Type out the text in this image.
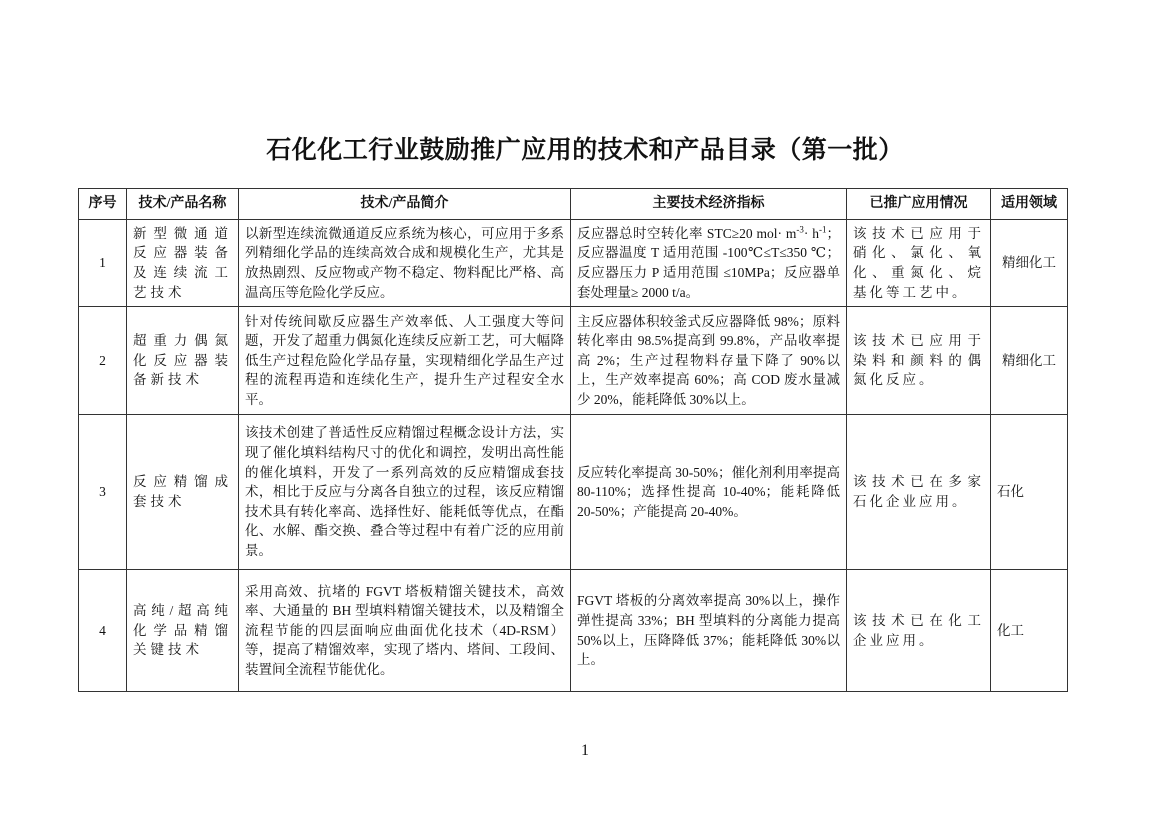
石化化工行业鼓励推广应用的技术和产品目录（第一批）
序号	技术/产品名称	技术/产品简介	主要技术经济指标	已推广应用情况	适用领域
1	新型微通道反应器装备及连续流工艺技术	以新型连续流微通道反应系统为核心，可应用于多系列精细化学品的连续高效合成和规模化生产，尤其是放热剧烈、反应物或产物不稳定、物料配比严格、高温高压等危险化学反应。	反应器总时空转化率 STC≥20 $mol\cdot m^{-3}\cdot h^{-1}$；反应器温度 T 适用范围 -100℃≤T≤350 ℃；反应器压力 P 适用范围 ≤10MPa；反应器单套处理量≥ 2000 t/a。	该技术已应用于硝化、氯化、氧化、重氮化、烷基化等工艺中。	精细化工
2	超重力偶氮化反应器装备新技术	针对传统间歇反应器生产效率低、人工强度大等问题，开发了超重力偶氮化连续反应新工艺，可大幅降低生产过程危险化学品存量，实现精细化学品生产过程的流程再造和连续化生产，提升生产过程安全水平。	主反应器体积较釜式反应器降低 98%；原料转化率由 98.5%提高到 99.8%，产品收率提高 2%；生产过程物料存量下降了 90%以上，生产效率提高 60%；高 COD 废水量减少 20%，能耗降低 30%以上。	该技术已应用于染料和颜料的偶氮化反应。	精细化工
3	反应精馏成套技术	该技术创建了普适性反应精馏过程概念设计方法，实现了催化填料结构尺寸的优化和调控，发明出高性能的催化填料，开发了一系列高效的反应精馏成套技术，相比于反应与分离各自独立的过程，该反应精馏技术具有转化率高、选择性好、能耗低等优点，在酯化、水解、酯交换、叠合等过程中有着广泛的应用前景。	反应转化率提高 30-50%；催化剂利用率提高 80-110%；选择性提高 10-40%；能耗降低 20-50%；产能提高 20-40%。	该技术已在多家石化企业应用。	石化
4	高纯/超高纯化学品精馏关键技术	采用高效、抗堵的 FGVT 塔板精馏关键技术，高效率、大通量的 BH 型填料精馏关键技术，以及精馏全流程节能的四层面响应曲面优化技术（4D-RSM）等，提高了精馏效率，实现了塔内、塔间、工段间、装置间全流程节能优化。	FGVT 塔板的分离效率提高 30%以上，操作弹性提高 33%；BH 型填料的分离能力提高 50%以上，压降降低 37%；能耗降低 30%以上。	该技术已在化工企业应用。	化工
1
